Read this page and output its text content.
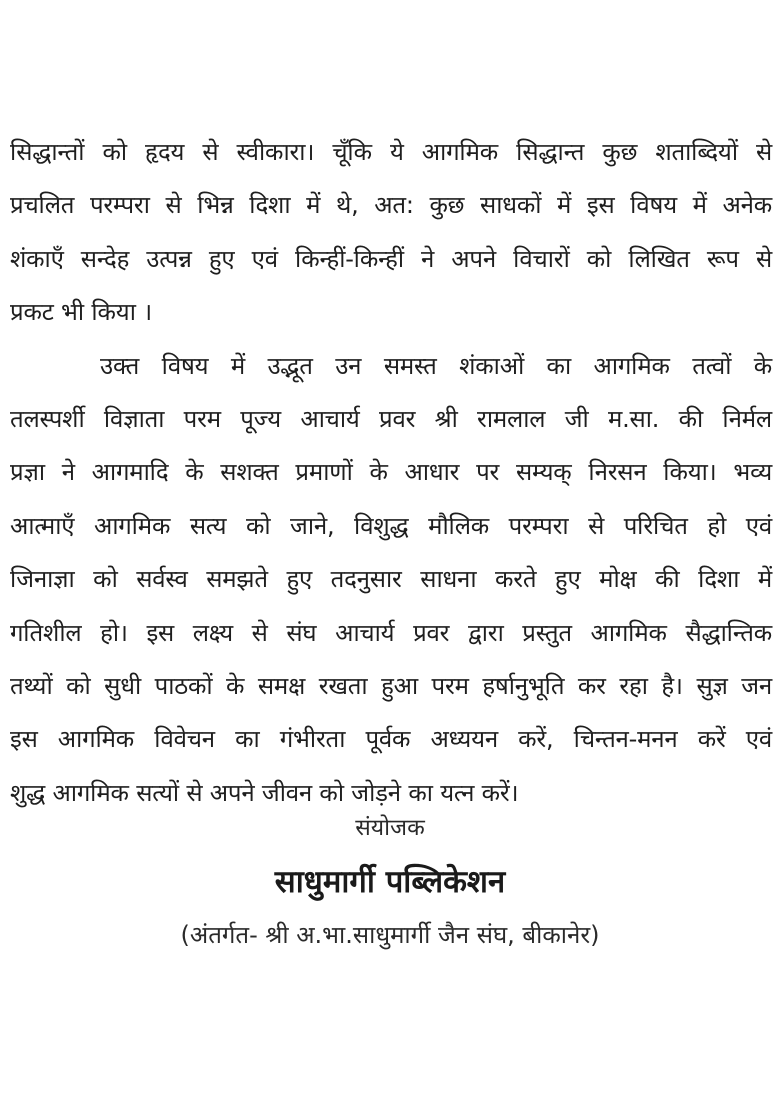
सिद्धान्तों को हृदय से स्वीकारा। चूँकि ये आगमिक सिद्धान्त कुछ शताब्दियों से
प्रचलित परम्परा से भिन्न दिशा में थे, अत: कुछ साधकों में इस विषय में अनेक
शंकाएँ सन्देह उत्पन्न हुए एवं किन्हीं-किन्हीं ने अपने विचारों को लिखित रूप से
प्रकट भी किया ।
उक्त विषय में उद्भूत उन समस्त शंकाओं का आगमिक तत्वों के
तलस्पर्शी विज्ञाता परम पूज्य आचार्य प्रवर श्री रामलाल जी म.सा. की निर्मल
प्रज्ञा ने आगमादि के सशक्त प्रमाणों के आधार पर सम्यक् निरसन किया। भव्य
आत्माएँ आगमिक सत्य को जाने, विशुद्ध मौलिक परम्परा से परिचित हो एवं
जिनाज्ञा को सर्वस्व समझते हुए तदनुसार साधना करते हुए मोक्ष की दिशा में
गतिशील हो। इस लक्ष्य से संघ आचार्य प्रवर द्वारा प्रस्तुत आगमिक सैद्धान्तिक
तथ्यों को सुधी पाठकों के समक्ष रखता हुआ परम हर्षानुभूति कर रहा है। सुज्ञ जन
इस आगमिक विवेचन का गंभीरता पूर्वक अध्ययन करें, चिन्तन-मनन करें एवं
शुद्ध आगमिक सत्यों से अपने जीवन को जोड़ने का यत्न करें।
संयोजक
साधुमार्गी पब्लिकेशन
(अंतर्गत- श्री अ.भा.साधुमार्गी जैन संघ, बीकानेर)
